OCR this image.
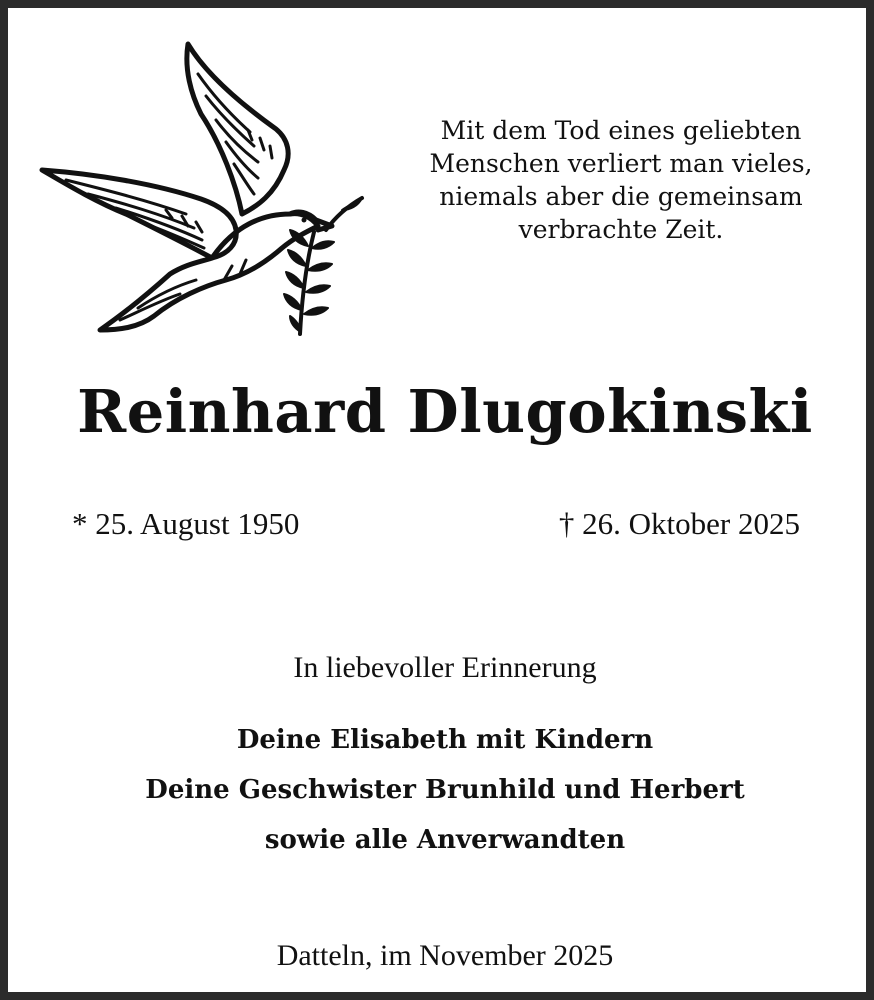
Mit dem Tod eines geliebten
Menschen verliert man vieles,
niemals aber die gemeinsam
verbrachte Zeit.
Reinhard Dlugokinski
* 25. August 1950	† 26. Oktober 2025
In liebevoller Erinnerung
Deine Elisabeth mit Kindern
Deine Geschwister Brunhild und Herbert
sowie alle Anverwandten
Datteln, im November 2025
